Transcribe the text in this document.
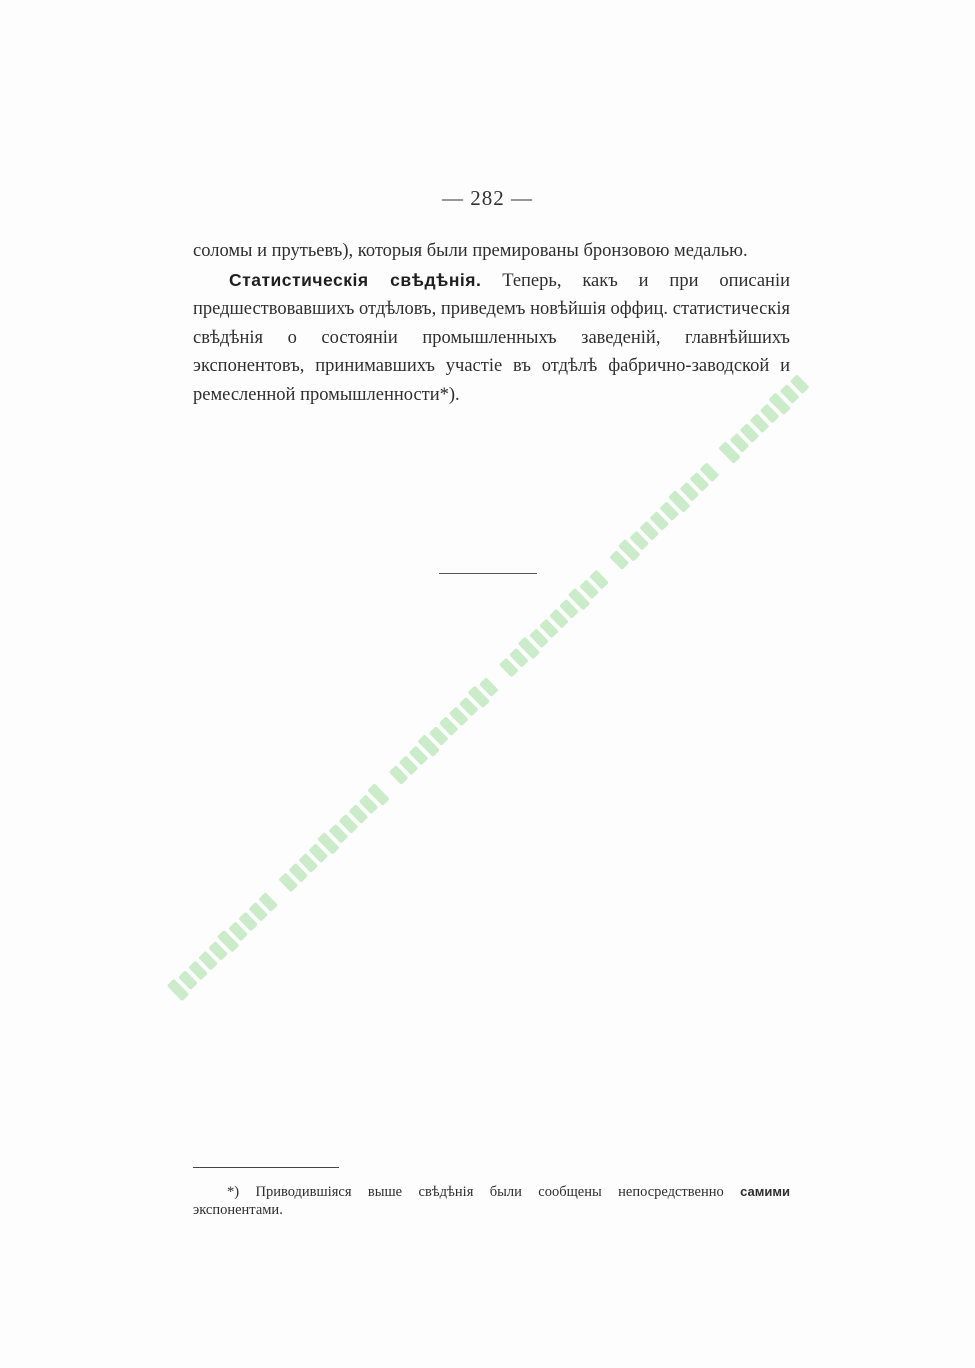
— 282 —

соломы и прутьевъ), которыя были премированы бронзовою медалью.

Статистическія свѣдѣнія. Теперь, какъ и при описаніи предшествовавшихъ отдѣловъ, приведемъ новѣйшія оффиц. статистическія свѣдѣнія о состояніи промышленныхъ заведеній, главнѣйшихъ экспонентовъ, принимавшихъ участіе въ отдѣлѣ фабрично-заводской и ремесленной промышленности*).

*) Приводившіяся выше свѣдѣнія были сообщены непосредственно самими экспонентами.
